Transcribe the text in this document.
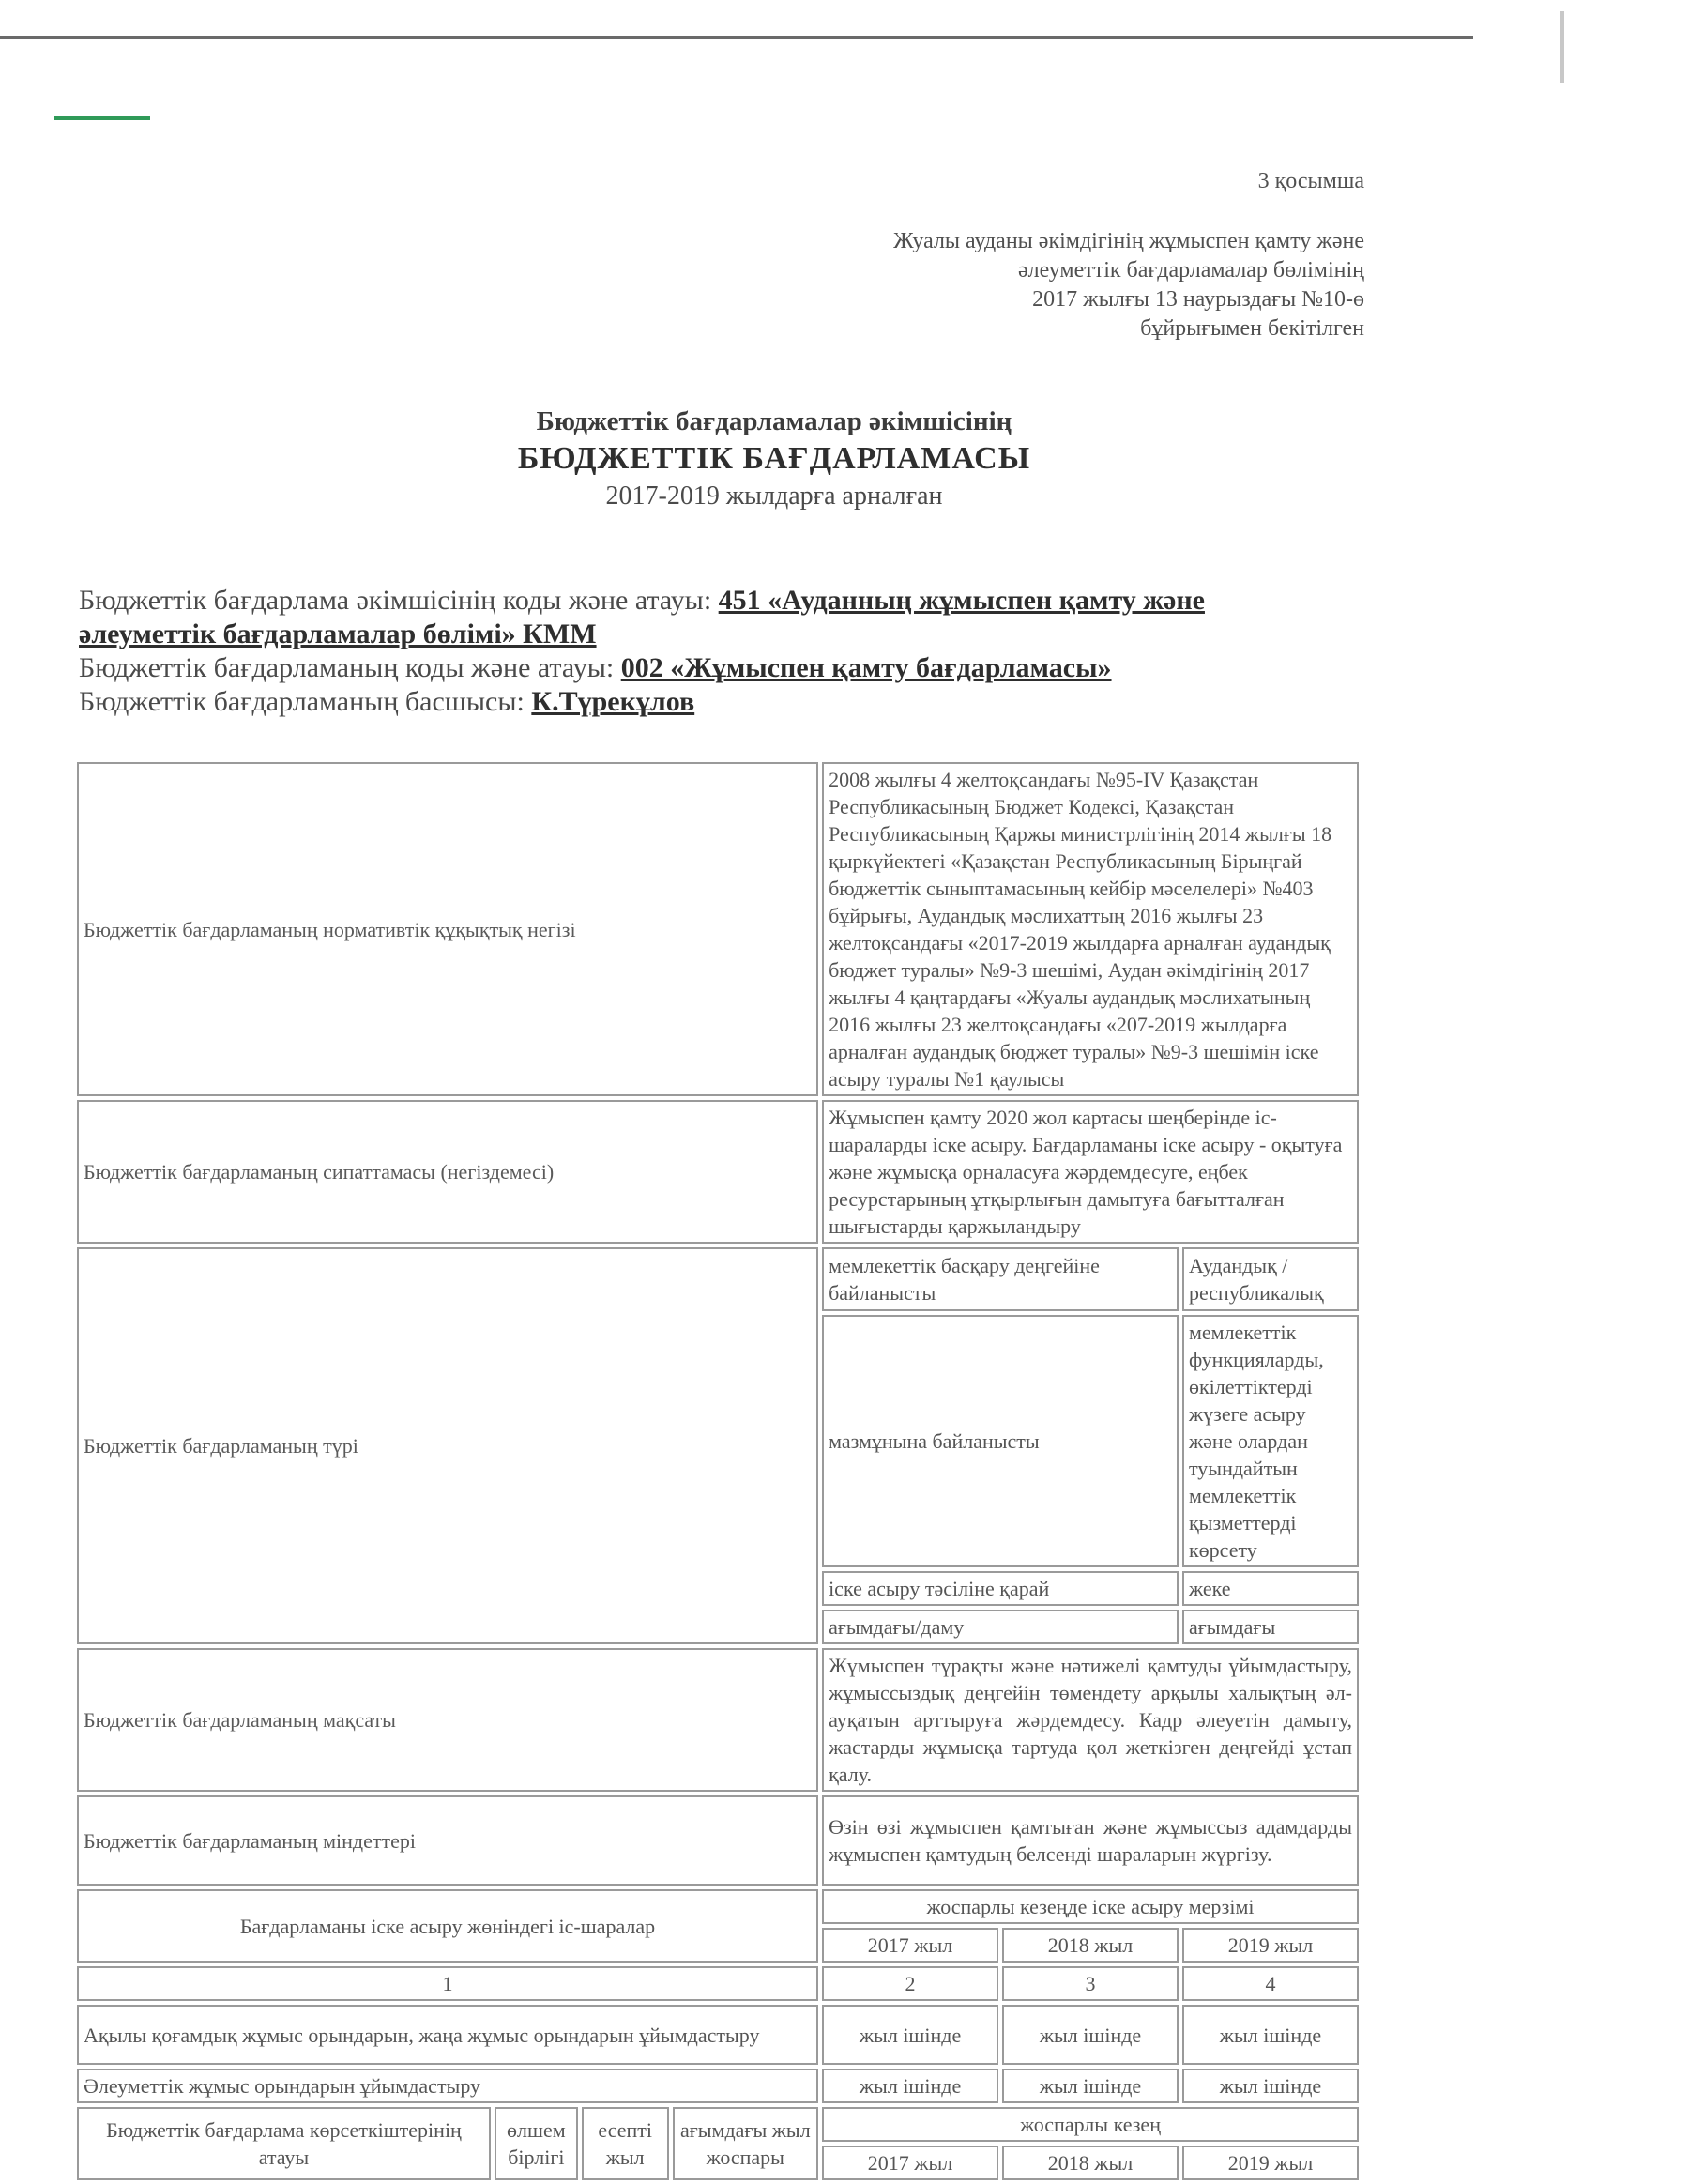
3 қосымша
Жуалы ауданы әкімдігінің жұмыспен қамту және
әлеуметтік бағдарламалар бөлімінің
2017 жылғы 13 наурыздағы №10-ө
бұйрығымен бекітілген

Бюджеттік бағдарламалар әкімшісінің

БЮДЖЕТТІК БАҒДАРЛАМАСЫ

2017-2019 жылдарға арналған

Бюджеттік бағдарлама әкімшісінің коды және атауы: 451 «Ауданның жұмыспен қамту және
әлеуметтік бағдарламалар бөлімі» КММ
Бюджеттік бағдарламаның коды және атауы: 002 «Жұмыспен қамту бағдарламасы»
Бюджеттік бағдарламаның басшысы: К.Түрекұлов
Бюджеттік бағдарламаның нормативтік құқықтық негізі				2008 жылғы 4 желтоқсандағы №95-IV Қазақстан Республикасының Бюджет Кодексі, Қазақстан Республикасының Қаржы министрлігінің 2014 жылғы 18 қыркүйектегі «Қазақстан Республикасының Бірыңғай бюджеттік сыныптамасының кейбір мәселелері» №403 бұйрығы, Аудандық мәслихаттың 2016 жылғы 23 желтоқсандағы «2017-2019 жылдарға арналған аудандық бюджет туралы» №9-3 шешімі, Аудан әкімдігінің 2017 жылғы 4 қаңтардағы «Жуалы аудандық мәслихатының 2016 жылғы 23 желтоқсандағы «207-2019 жылдарға арналған аудандық бюджет туралы» №9-3 шешімін іске асыру туралы №1 қаулысы		
Бюджеттік бағдарламаның сипаттамасы (негіздемесі)				Жұмыспен қамту 2020 жол картасы шеңберінде іс-шараларды іске асыру. Бағдарламаны іске асыру - оқытуға және жұмысқа орналасуға жәрдемдесуге, еңбек ресурстарының ұтқырлығын дамытуға бағытталған шығыстарды қаржыландыру		
Бюджеттік бағдарламаның түрі				мемлекеттік басқару деңгейіне байланысты		Аудандық / республикалық
				мазмұнына байланысты		мемлекеттік функцияларды, өкілеттіктерді жүзеге асыру және олардан туындайтын мемлекеттік қызметтерді көрсету
				іске асыру тәсіліне қарай		жеке
				ағымдағы/даму		ағымдағы
Бюджеттік бағдарламаның мақсаты				Жұмыспен тұрақты және нәтижелі қамтуды ұйымдастыру, жұмыссыздық деңгейін төмендету арқылы халықтың әл-ауқатын арттыруға жәрдемдесу. Кадр әлеуетін дамыту, жастарды жұмысқа тартуда қол жеткізген деңгейді ұстап қалу.		
Бюджеттік бағдарламаның міндеттері				Өзін өзі жұмыспен қамтыған және жұмыссыз адамдарды жұмыспен қамтудың белсенді шараларын жүргізу.		
Бағдарламаны іске асыру жөніндегі іс-шаралар				жоспарлы кезеңде іске асыру мерзімі		
				2017 жыл	2018 жыл	2019 жыл
1				2	3	4
Ақылы қоғамдық жұмыс орындарын, жаңа жұмыс орындарын ұйымдастыру				жыл ішінде	жыл ішінде	жыл ішінде
Әлеуметтік жұмыс орындарын ұйымдастыру				жыл ішінде	жыл ішінде	жыл ішінде
Бюджеттік бағдарлама көрсеткіштерінің атауы	өлшем бірлігі	есепті жыл	ағымдағы жыл жоспары	жоспарлы кезең		
				2017 жыл	2018 жыл	2019 жыл
